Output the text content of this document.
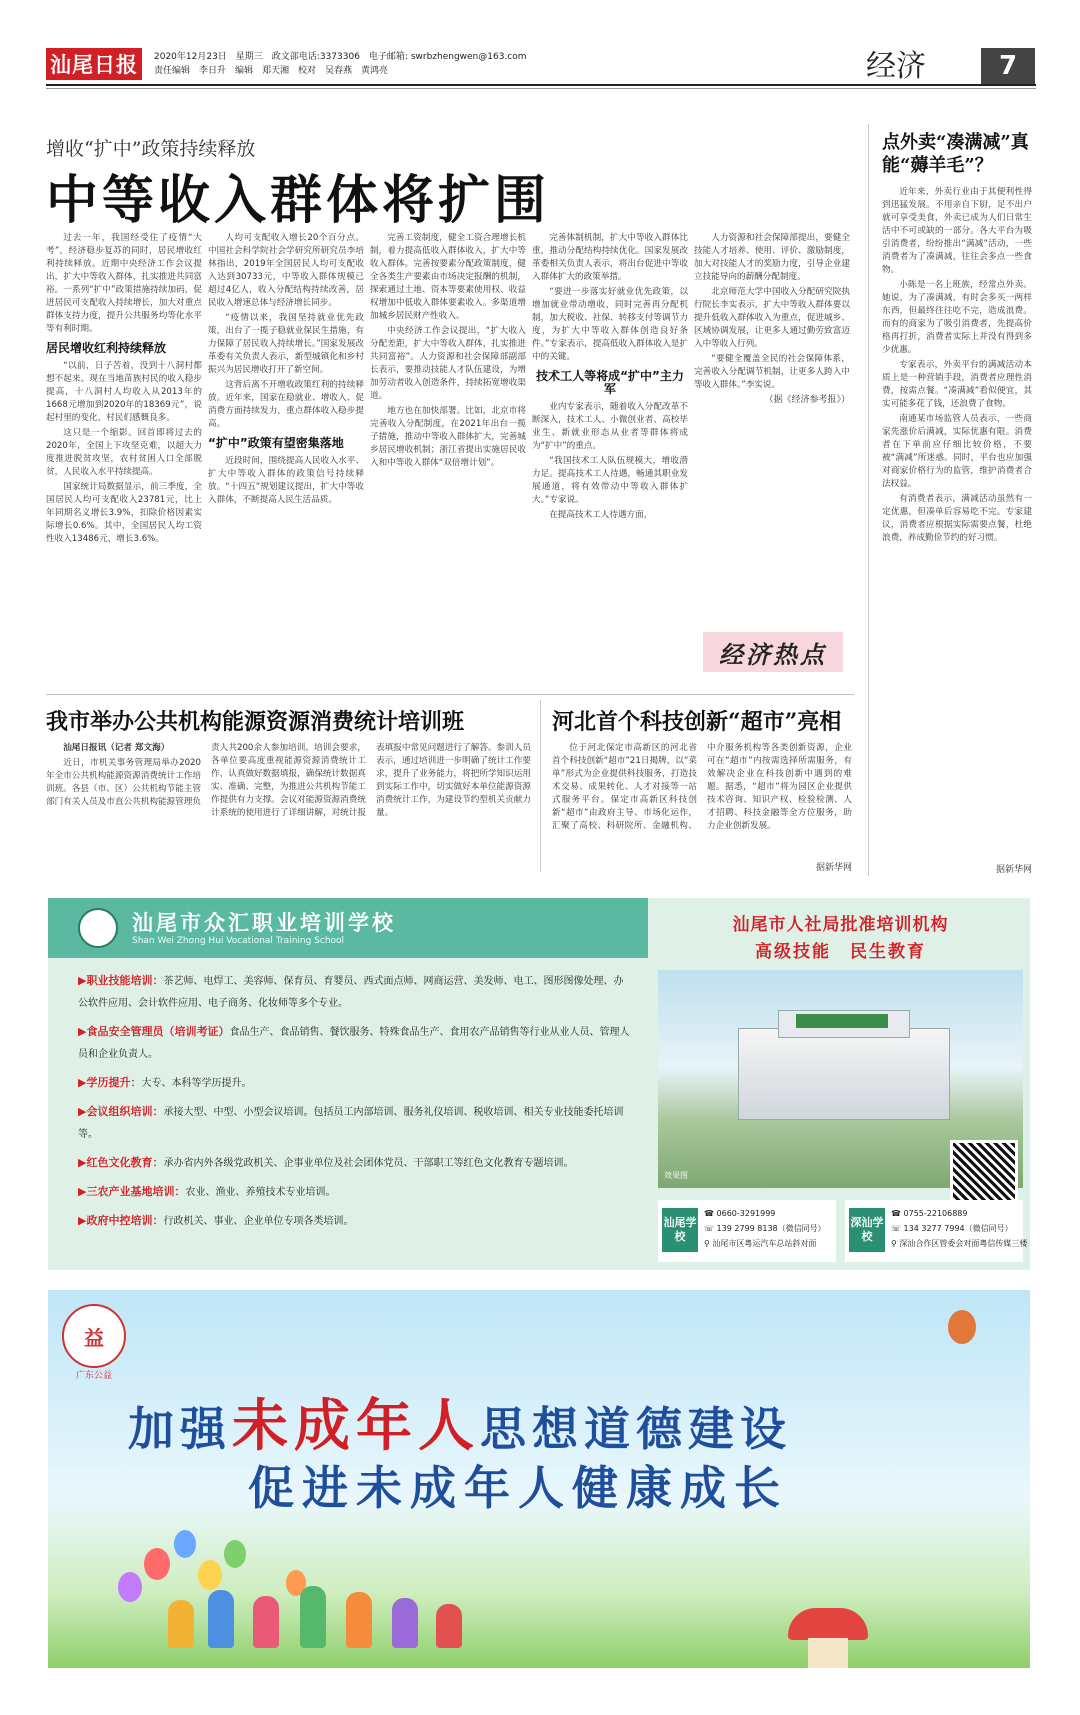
汕尾日报	2020年12月23日　星期三　政文部电话:3373306　电子邮箱: swrbzhengwen@163.com
责任编辑　李日升　编辑　郑天湘　校对　吴春燕　黄鸿亮	经济	7
增收“扩中”政策持续释放
中等收入群体将扩围

过去一年，我国经受住了疫情“大考”，经济稳步复苏的同时，居民增收红利持续释放。近期中央经济工作会议提出，扩大中等收入群体，扎实推进共同富裕。一系列“扩中”政策措施持续加码，促进居民可支配收入持续增长，加大对重点群体支持力度，提升公共服务均等化水平等有利时期。

居民增收红利持续释放

“以前，日子苦着，没到十八洞村都想不起来。现在当地苗族村民的收入稳步提高，十八洞村人均收入从2013年的1668元增加到2020年的18369元”，说起村里的变化，村民们感慨良多。

这只是一个缩影。回首即将过去的2020年，全国上下攻坚克难，以超大力度推进脱贫攻坚，农村贫困人口全部脱贫，人民收入水平持续提高。

国家统计局数据显示，前三季度，全国居民人均可支配收入23781元，比上年同期名义增长3.9%，扣除价格因素实际增长0.6%。其中，全国居民人均工资性收入13486元，增长3.6%。

人均可支配收入增长20个百分点。中国社会科学院社会学研究所研究员李培林指出，2019年全国居民人均可支配收入达到30733元，中等收入群体规模已超过4亿人，收入分配结构持续改善，居民收入增速总体与经济增长同步。

“疫情以来，我国坚持就业优先政策，出台了一揽子稳就业保民生措施，有力保障了居民收入持续增长。”国家发展改革委有关负责人表示，新型城镇化和乡村振兴为居民增收打开了新空间。

这背后离不开增收政策红利的持续释放。近年来，国家在稳就业、增收入、促消费方面持续发力，重点群体收入稳步提高。

“扩中”政策有望密集落地

近段时间，围绕提高人民收入水平、扩大中等收入群体的政策信号持续释放。“十四五”规划建议提出，扩大中等收入群体，不断提高人民生活品质。

完善工资制度，健全工资合理增长机制，着力提高低收入群体收入，扩大中等收入群体。完善按要素分配政策制度，健全各类生产要素由市场决定报酬的机制，探索通过土地、资本等要素使用权、收益权增加中低收入群体要素收入。多渠道增加城乡居民财产性收入。

中央经济工作会议提出，“扩大收入分配差距，扩大中等收入群体，扎实推进共同富裕”。人力资源和社会保障部副部长表示，要推动技能人才队伍建设，为增加劳动者收入创造条件，持续拓宽增收渠道。

地方也在加快部署。比如，北京市将完善收入分配制度，在2021年出台一揽子措施，推动中等收入群体扩大，完善城乡居民增收机制；浙江省提出实施居民收入和中等收入群体“双倍增计划”。

完善体制机制，扩大中等收入群体比重，推动分配结构持续优化。国家发展改革委相关负责人表示，将出台促进中等收入群体扩大的政策举措。

“要进一步落实好就业优先政策，以增加就业带动增收，同时完善再分配机制，加大税收、社保、转移支付等调节力度，为扩大中等收入群体创造良好条件。”专家表示，提高低收入群体收入是扩中的关键。

技术工人等将成“扩中”主力军

业内专家表示，随着收入分配改革不断深入，技术工人、小微创业者、高校毕业生、新就业形态从业者等群体将成为“扩中”的重点。

“我国技术工人队伍规模大，增收潜力足。提高技术工人待遇，畅通其职业发展通道，将有效带动中等收入群体扩大。”专家说。

在提高技术工人待遇方面，

人力资源和社会保障部提出，要健全技能人才培养、使用、评价、激励制度，加大对技能人才的奖励力度，引导企业建立技能导向的薪酬分配制度。

北京师范大学中国收入分配研究院执行院长李实表示，扩大中等收入群体要以提升低收入群体收入为重点，促进城乡、区域协调发展，让更多人通过勤劳致富迈入中等收入行列。

“要健全覆盖全民的社会保障体系，完善收入分配调节机制，让更多人跨入中等收入群体。”李实说。

（据《经济参考报》）
经济热点
点外卖“凑满减”真能“薅羊毛”？

近年来，外卖行业由于其便利性得到迅猛发展。不用亲自下厨，足不出户就可享受美食，外卖已成为人们日常生活中不可或缺的一部分。各大平台为吸引消费者，纷纷推出“满减”活动，一些消费者为了凑满减，往往会多点一些食物。

小陈是一名上班族，经常点外卖。她说，为了凑满减，有时会多买一两样东西，但最终往往吃不完，造成浪费。而有的商家为了吸引消费者，先提高价格再打折，消费者实际上并没有得到多少优惠。

专家表示，外卖平台的满减活动本质上是一种营销手段，消费者应理性消费，按需点餐。“凑满减”看似便宜，其实可能多花了钱，还浪费了食物。

南通某市场监管人员表示，一些商家先涨价后满减，实际优惠有限。消费者在下单前应仔细比较价格，不要被“满减”所迷惑。同时，平台也应加强对商家价格行为的监管，维护消费者合法权益。

有消费者表示，满减活动虽然有一定优惠，但凑单后容易吃不完。专家建议，消费者应根据实际需要点餐，杜绝浪费，养成勤俭节约的好习惯。

据新华网
我市举办公共机构能源资源消费统计培训班

汕尾日报讯（记者 郑文海）

近日，市机关事务管理局举办2020年全市公共机构能源资源消费统计工作培训班。各县（市、区）公共机构节能主管部门有关人员及市直公共机构能源管理负责人共200余人参加培训。培训会要求，各单位要高度重视能源资源消费统计工作，认真做好数据填报，确保统计数据真实、准确、完整，为推进公共机构节能工作提供有力支撑。会议对能源资源消费统计系统的使用进行了详细讲解，对统计报表填报中常见问题进行了解答。参训人员表示，通过培训进一步明确了统计工作要求，提升了业务能力，将把所学知识运用到实际工作中，切实做好本单位能源资源消费统计工作，为建设节约型机关贡献力量。

河北首个科技创新“超市”亮相

位于河北保定市高新区的河北省首个科技创新“超市”21日揭牌，以“菜单”形式为企业提供科技服务，打造技术交易、成果转化、人才对接等一站式服务平台。保定市高新区科技创新“超市”由政府主导、市场化运作，汇聚了高校、科研院所、金融机构、中介服务机构等各类创新资源，企业可在“超市”内按需选择所需服务，有效解决企业在科技创新中遇到的难题。据悉，“超市”将为园区企业提供技术咨询、知识产权、检验检测、人才招聘、科技金融等全方位服务，助力企业创新发展。

据新华网
汕尾市众汇职业培训学校
Shan Wei Zhong Hui Vocational Training School
▶职业技能培训：茶艺师、电焊工、美容师、保育员、育婴员、西式面点师、网商运营、美发师、电工、图形图像处理、办公软件应用、会计软件应用、电子商务、化妆师等多个专业。
▶食品安全管理员（培训考证）食品生产、食品销售、餐饮服务、特殊食品生产、食用农产品销售等行业从业人员、管理人员和企业负责人。
▶学历提升：大专、本科等学历提升。
▶会议组织培训：承接大型、中型、小型会议培训。包括员工内部培训、服务礼仪培训、税收培训、相关专业技能委托培训等。
▶红色文化教育：承办省内外各级党政机关、企事业单位及社会团体党员、干部职工等红色文化教育专题培训。
▶三农产业基地培训：农业、渔业、养殖技术专业培训。
▶政府中控培训：行政机关、事业、企业单位专项各类培训。
汕尾市人社局批准培训机构
高级技能　民生教育
效果图
汕尾学校
☎ 0660-3291999
☏ 139 2799 8138（微信同号）
⚲ 汕尾市区粤运汽车总站斜对面
深汕学校
☎ 0755-22106889
☏ 134 3277 7994（微信同号）
⚲ 深汕合作区管委会对面粤信传媒三楼
益
广东公益
加强未成年人思想道德建设
促进未成年人健康成长
